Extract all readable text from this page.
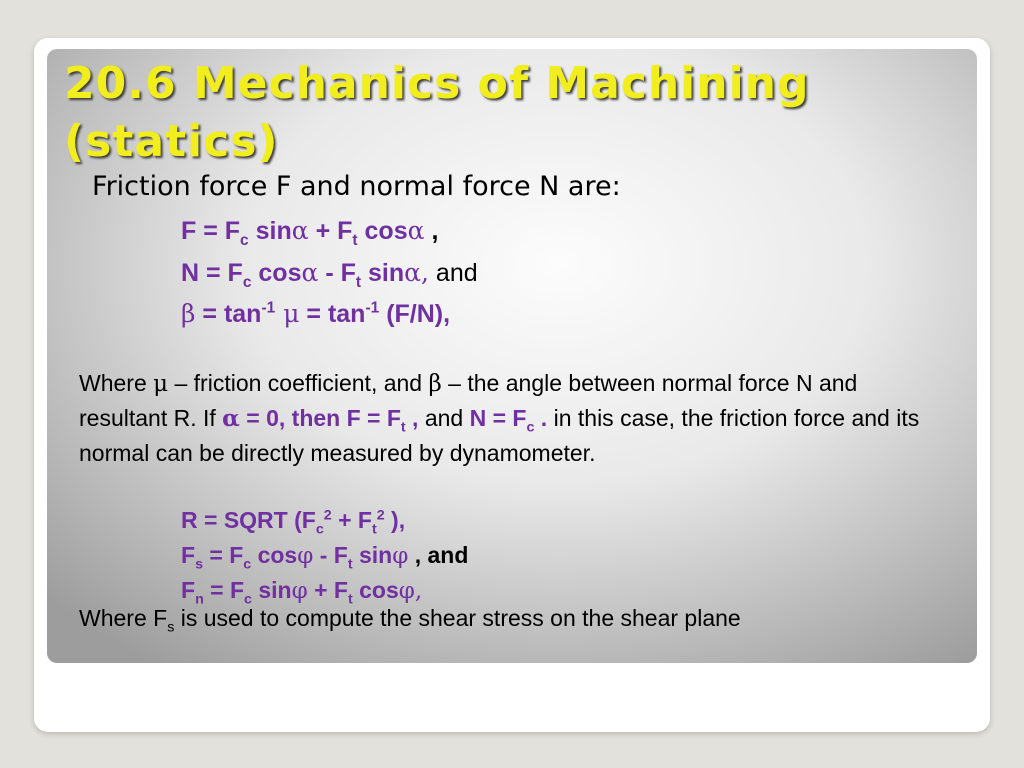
20.6 Mechanics of Machining (statics)
Friction force F and normal force N are:
$F = F_c$ $\sin\alpha + F_t$ cosα ,
$N = F_c$ cosα - $F_t$ sinα, and
$\beta = \tan^{-1} \mu = \tan^{-1} (F/N)$,
Where μ – friction coefficient, and β – the angle between normal force N and resultant R. If α = 0, then $F = F_t$ , and $N = F_c$ . in this case, the friction force and its normal can be directly measured by dynamometer.
R = SQRT ($F_c^2 + F_t^2$ ),
$F_s = F_c$ cosφ - $F_t$ sinφ , and
$F_n = F_c$ $\sin\varphi + F_t$ cosφ,
Where $F_s$ is used to compute the shear stress on the shear plane
